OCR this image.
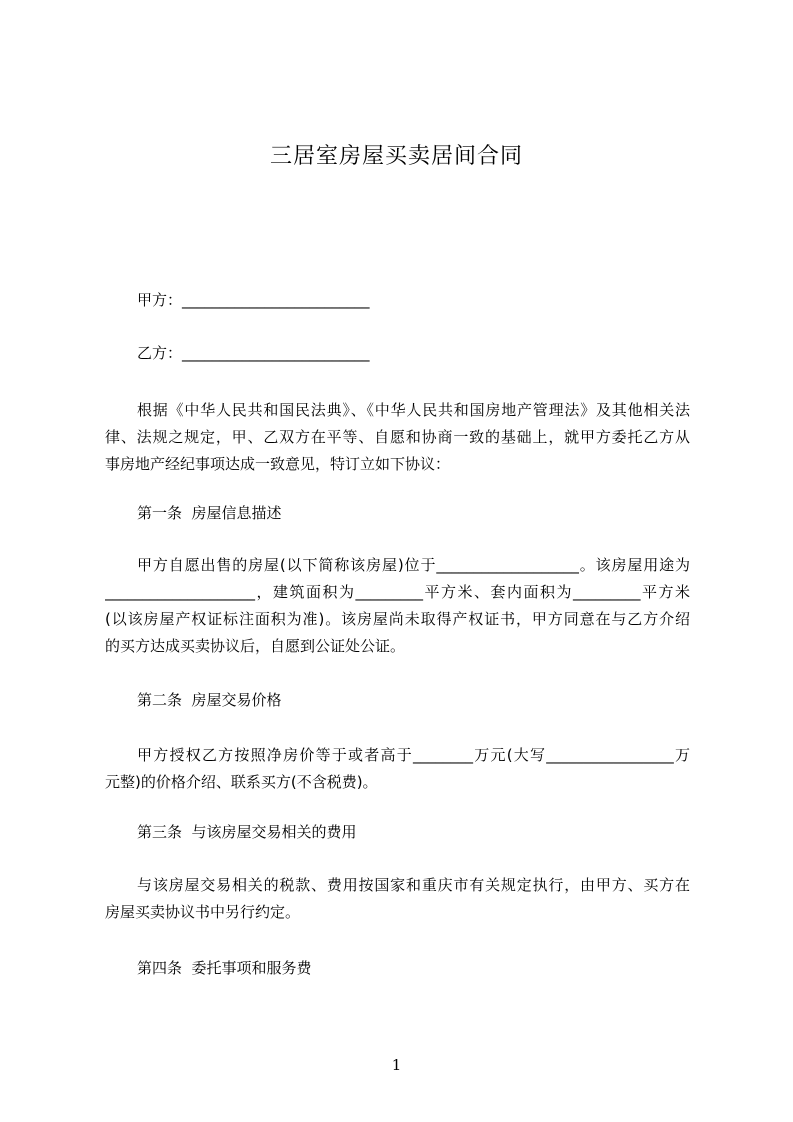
三居室房屋买卖居间合同
甲方：_________________________
乙方：_________________________
根据《中华人民共和国民法典》、《中华人民共和国房地产管理法》及其他相关法
律、法规之规定，甲、乙双方在平等、自愿和协商一致的基础上，就甲方委托乙方从
事房地产经纪事项达成一致意见，特订立如下协议：
第一条  房屋信息描述
甲方自愿出售的房屋(以下简称该房屋)位于___________________。该房屋用途为
____________________，建筑面积为_________平方米、套内面积为_________平方米
(以该房屋产权证标注面积为准)。该房屋尚未取得产权证书，甲方同意在与乙方介绍
的买方达成买卖协议后，自愿到公证处公证。
第二条  房屋交易价格
甲方授权乙方按照净房价等于或者高于________万元(大写_________________万
元整)的价格介绍、联系买方(不含税费)。
第三条  与该房屋交易相关的费用
与该房屋交易相关的税款、费用按国家和重庆市有关规定执行，由甲方、买方在
房屋买卖协议书中另行约定。
第四条  委托事项和服务费
1
